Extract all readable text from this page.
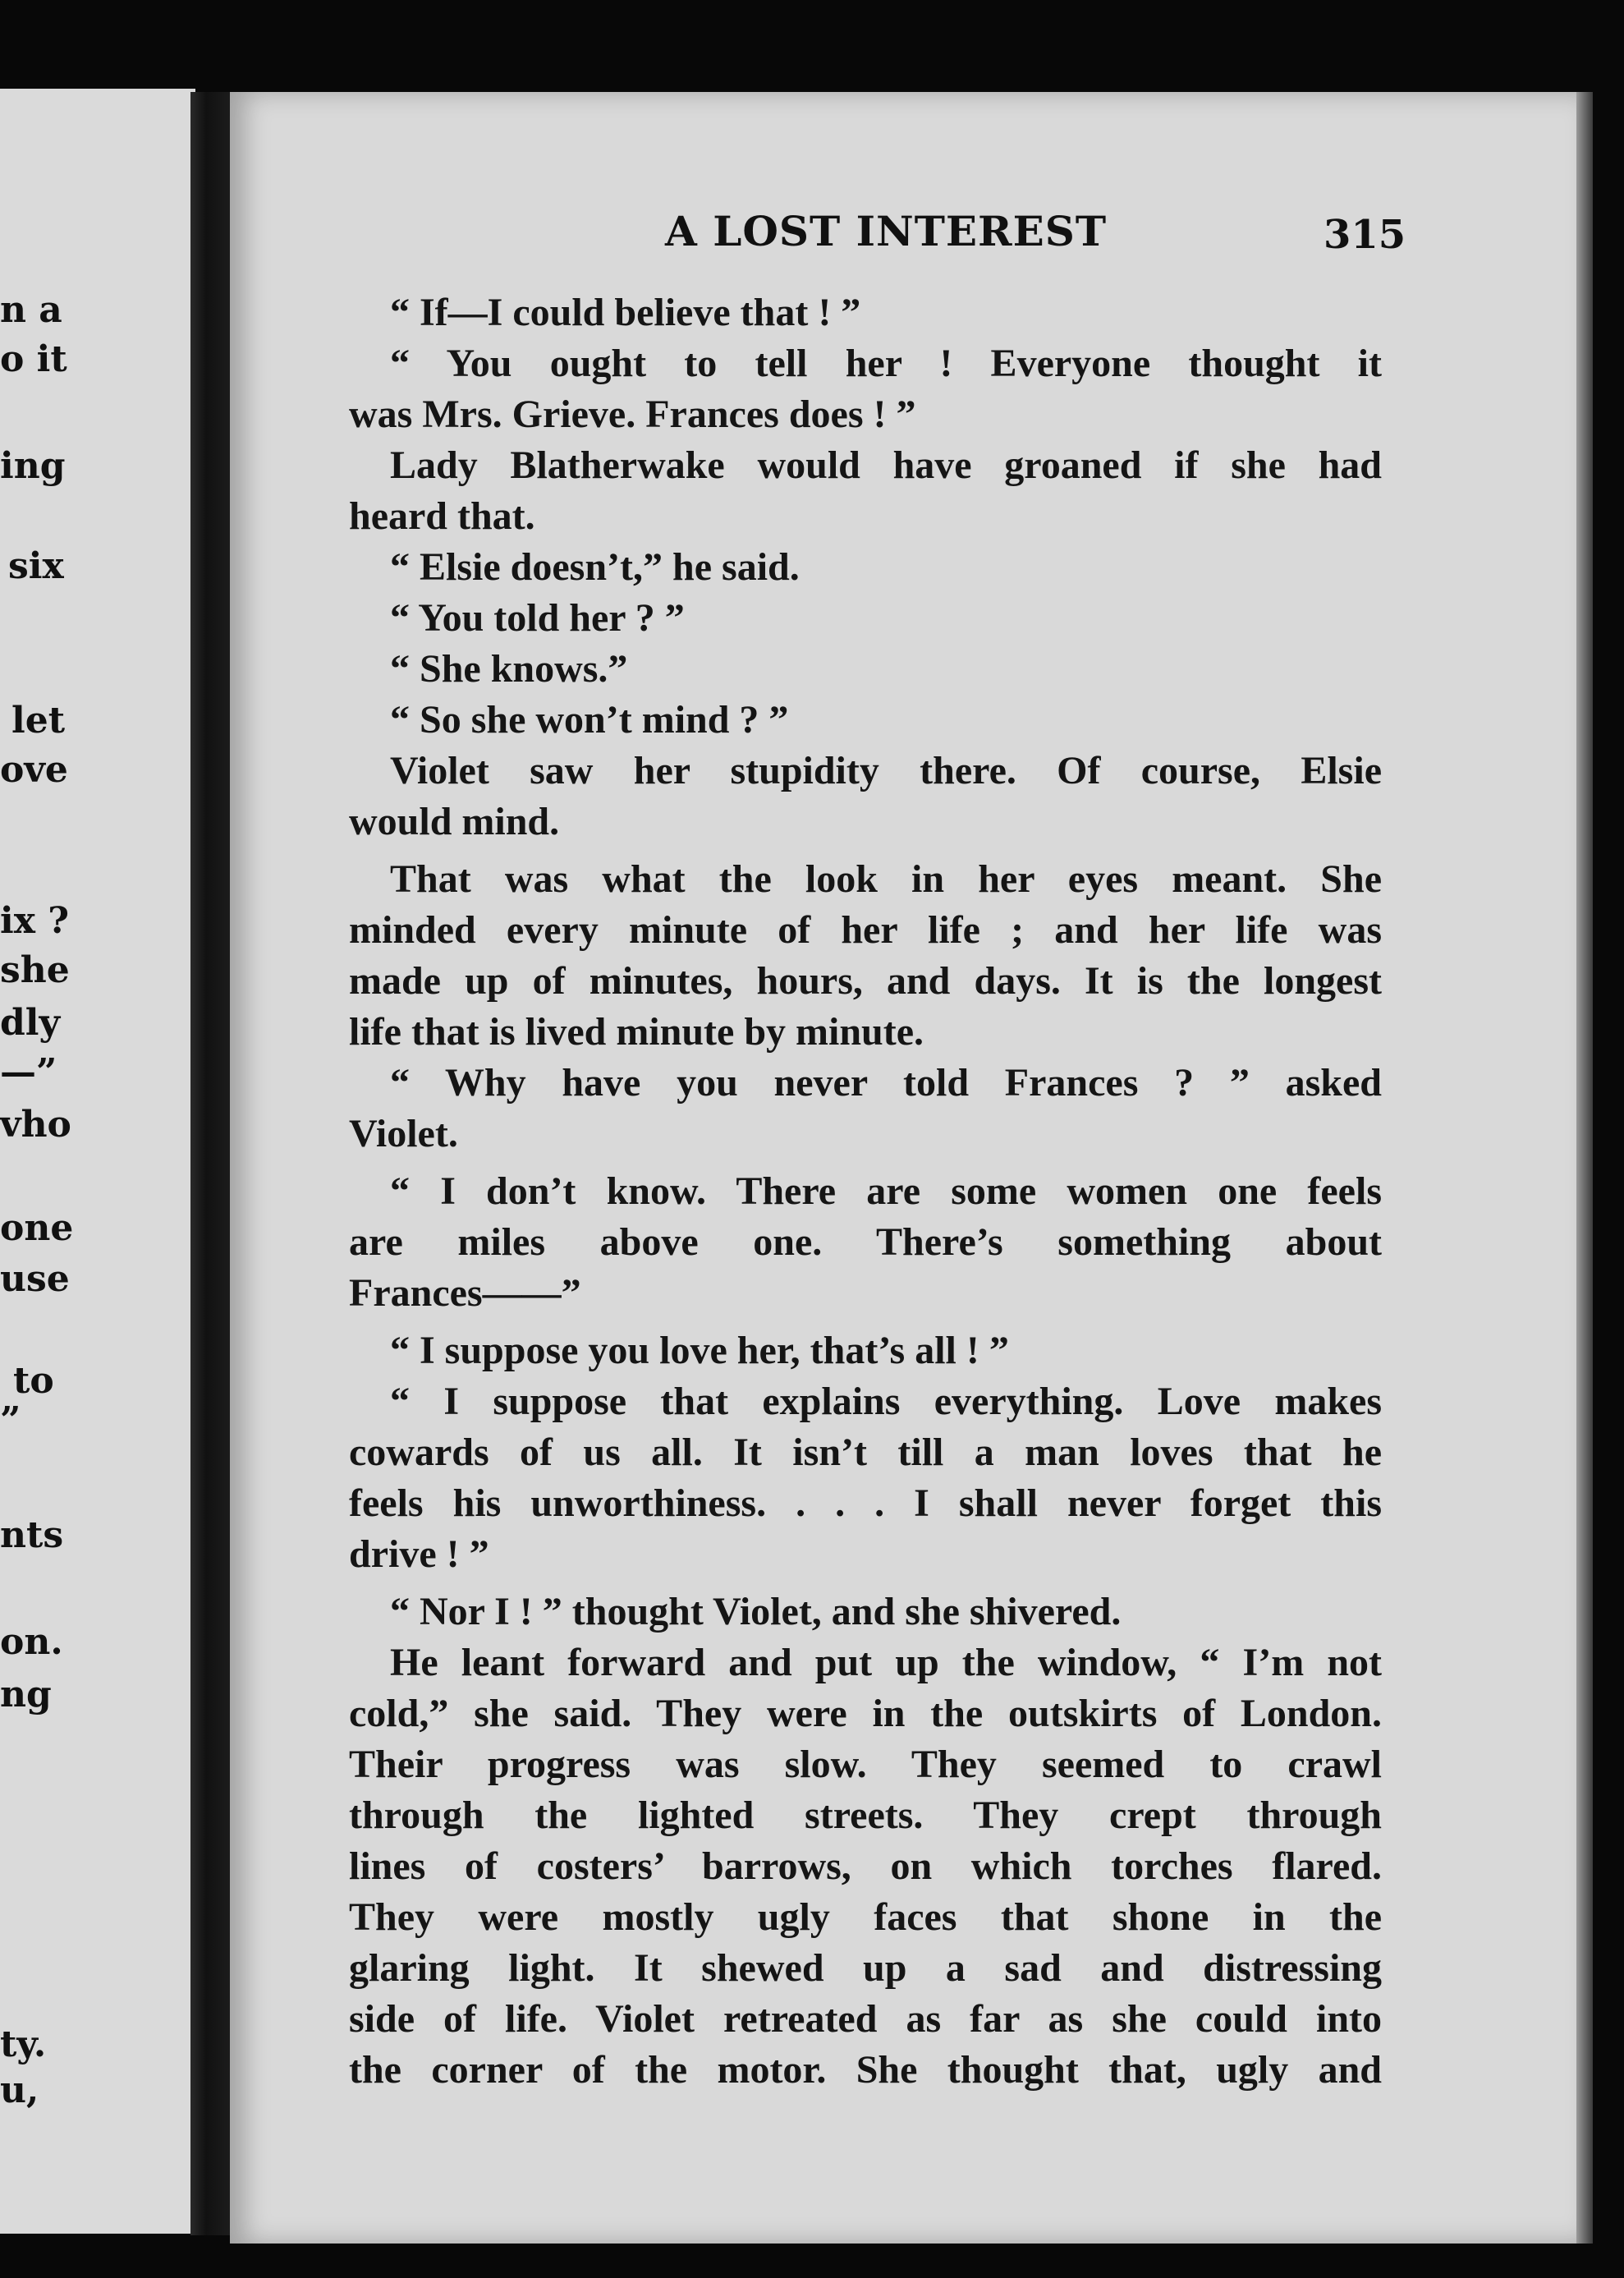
n a
o it
ing
six
let
ove
ix ?
she
dly
—”
vho
one
use
to
”
nts
on.
ng
ty.
u,
A LOST INTEREST	315
“ If—I could believe that ! ”
“ You ought to tell her ! Everyone thought it
was Mrs. Grieve. Frances does ! ”
Lady Blatherwake would have groaned if she had
heard that.
“ Elsie doesn’t,” he said.
“ You told her ? ”
“ She knows.”
“ So she won’t mind ? ”
Violet saw her stupidity there. Of course, Elsie
would mind.
That was what the look in her eyes meant. She
minded every minute of her life ; and her life was
made up of minutes, hours, and days. It is the longest
life that is lived minute by minute.
“ Why have you never told Frances ? ” asked
Violet.
“ I don’t know. There are some women one feels
are miles above one. There’s something about
Frances——”
“ I suppose you love her, that’s all ! ”
“ I suppose that explains everything. Love makes
cowards of us all. It isn’t till a man loves that he
feels his unworthiness. . . . I shall never forget this
drive ! ”
“ Nor I ! ” thought Violet, and she shivered.
He leant forward and put up the window, “ I’m not
cold,” she said. They were in the outskirts of London.
Their progress was slow. They seemed to crawl
through the lighted streets. They crept through
lines of costers’ barrows, on which torches flared.
They were mostly ugly faces that shone in the
glaring light. It shewed up a sad and distressing
side of life. Violet retreated as far as she could into
the corner of the motor. She thought that, ugly and
